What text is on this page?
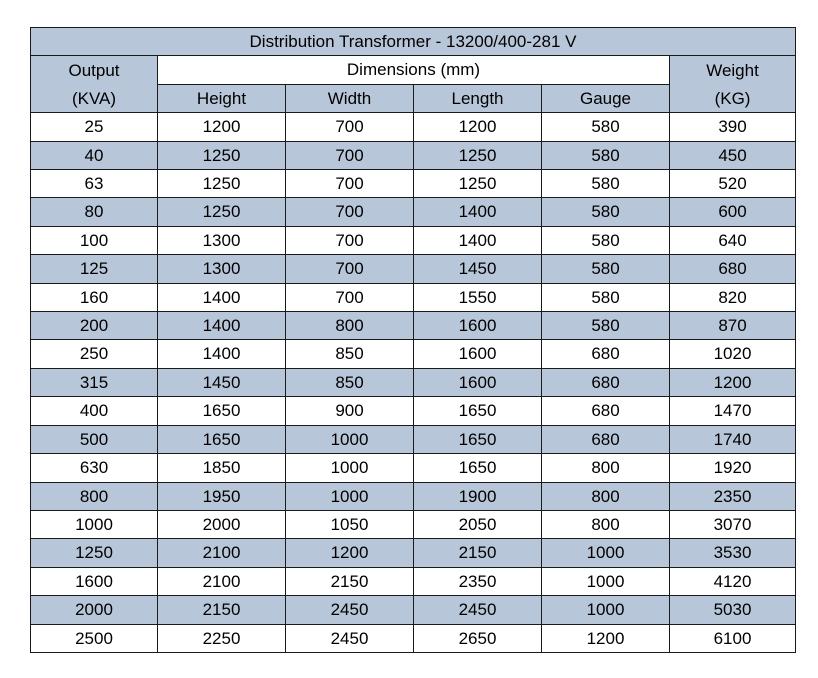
Distribution Transformer - 13200/400-281 V					
Output	Dimensions (mm)				Weight
(KVA)	Height	Width	Length	Gauge	(KG)
25	1200	700	1200	580	390
40	1250	700	1250	580	450
63	1250	700	1250	580	520
80	1250	700	1400	580	600
100	1300	700	1400	580	640
125	1300	700	1450	580	680
160	1400	700	1550	580	820
200	1400	800	1600	580	870
250	1400	850	1600	680	1020
315	1450	850	1600	680	1200
400	1650	900	1650	680	1470
500	1650	1000	1650	680	1740
630	1850	1000	1650	800	1920
800	1950	1000	1900	800	2350
1000	2000	1050	2050	800	3070
1250	2100	1200	2150	1000	3530
1600	2100	2150	2350	1000	4120
2000	2150	2450	2450	1000	5030
2500	2250	2450	2650	1200	6100
